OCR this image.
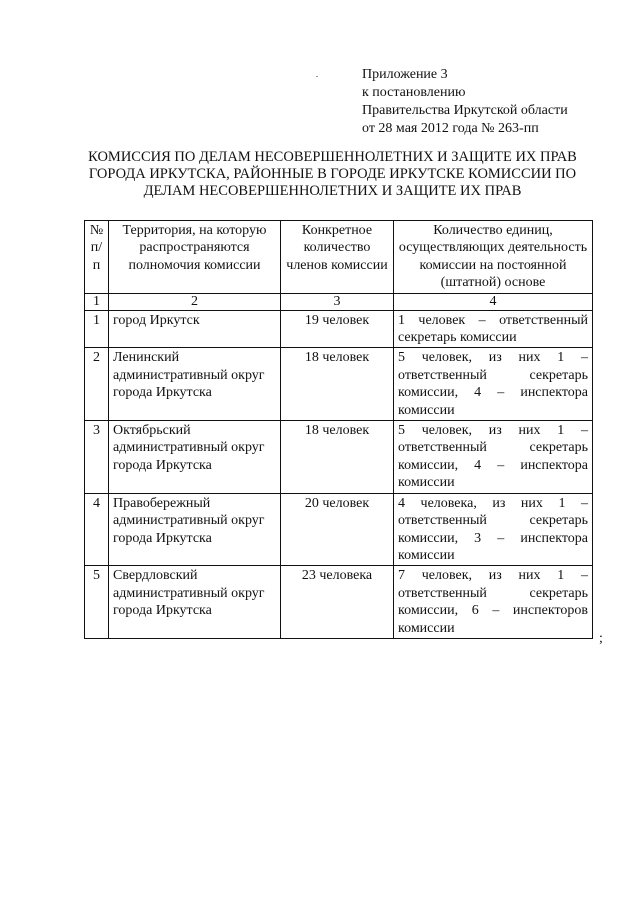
Приложение 3
к постановлению
Правительства Иркутской области
от 28 мая 2012 года № 263-пп
КОМИССИЯ ПО ДЕЛАМ НЕСОВЕРШЕННОЛЕТНИХ И ЗАЩИТЕ ИХ ПРАВ
ГОРОДА ИРКУТСКА, РАЙОННЫЕ В ГОРОДЕ ИРКУТСКЕ КОМИССИИ ПО
ДЕЛАМ НЕСОВЕРШЕННОЛЕТНИХ И ЗАЩИТЕ ИХ ПРАВ
№ п/п	Территория, на которую распространяются полномочия комиссии	Конкретное количество членов комиссии	Количество единиц, осуществляющих деятельность комиссии на постоянной (штатной) основе
1	2	3	4
1	город Иркутск	19 человек	1 человек – ответственный секретарь комиссии
2	Ленинский административный округ города Иркутска	18 человек	5 человек, из них 1 – ответственный секретарь комиссии, 4 – инспектора комиссии
3	Октябрьский административный округ города Иркутска	18 человек	5 человек, из них 1 – ответственный секретарь комиссии, 4 – инспектора комиссии
4	Правобережный административный округ города Иркутска	20 человек	4 человека, из них 1 – ответственный секретарь комиссии, 3 – инспектора комиссии
5	Свердловский административный округ города Иркутска	23 человека	7 человек, из них 1 – ответственный секретарь комиссии, 6 – инспекторов комиссии
;
